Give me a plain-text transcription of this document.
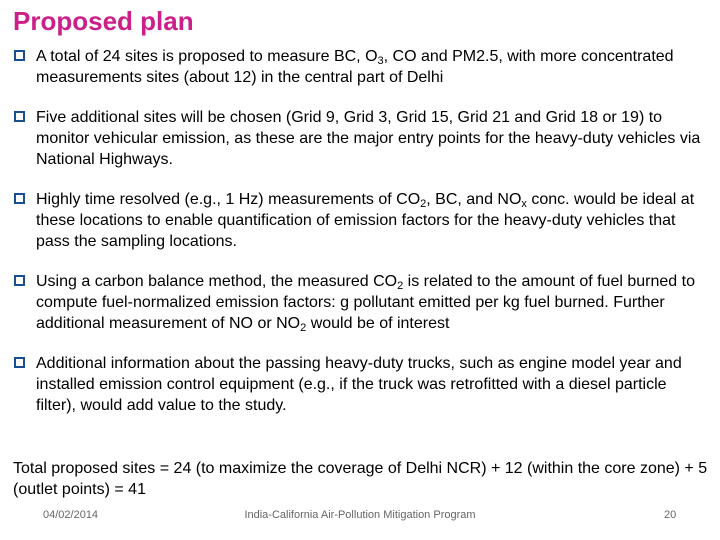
Proposed plan
A total of 24 sites is proposed to measure BC, $O_3$, CO and PM2.5, with more concentrated measurements sites (about 12) in the central part of Delhi
Five additional sites will be chosen (Grid 9, Grid 3, Grid 15, Grid 21 and Grid 18 or 19) to monitor vehicular emission, as these are the major entry points for the heavy-duty vehicles via National Highways.
Highly time resolved (e.g., 1 Hz) measurements of $CO_2$, BC, and $NO_x$ conc. would be ideal at these locations to enable quantification of emission factors for the heavy-duty vehicles that pass the sampling locations.
Using a carbon balance method, the measured $CO_2$ is related to the amount of fuel burned to compute fuel-normalized emission factors: g pollutant emitted per kg fuel burned. Further additional measurement of NO or $NO_2$ would be of interest
Additional information about the passing heavy-duty trucks, such as engine model year and installed emission control equipment (e.g., if the truck was retrofitted with a diesel particle filter), would add value to the study.
Total proposed sites = 24 (to maximize the coverage of Delhi NCR) + 12 (within the core zone) + 5 (outlet points) = 41
04/02/2014	India-California Air-Pollution Mitigation Program	20
